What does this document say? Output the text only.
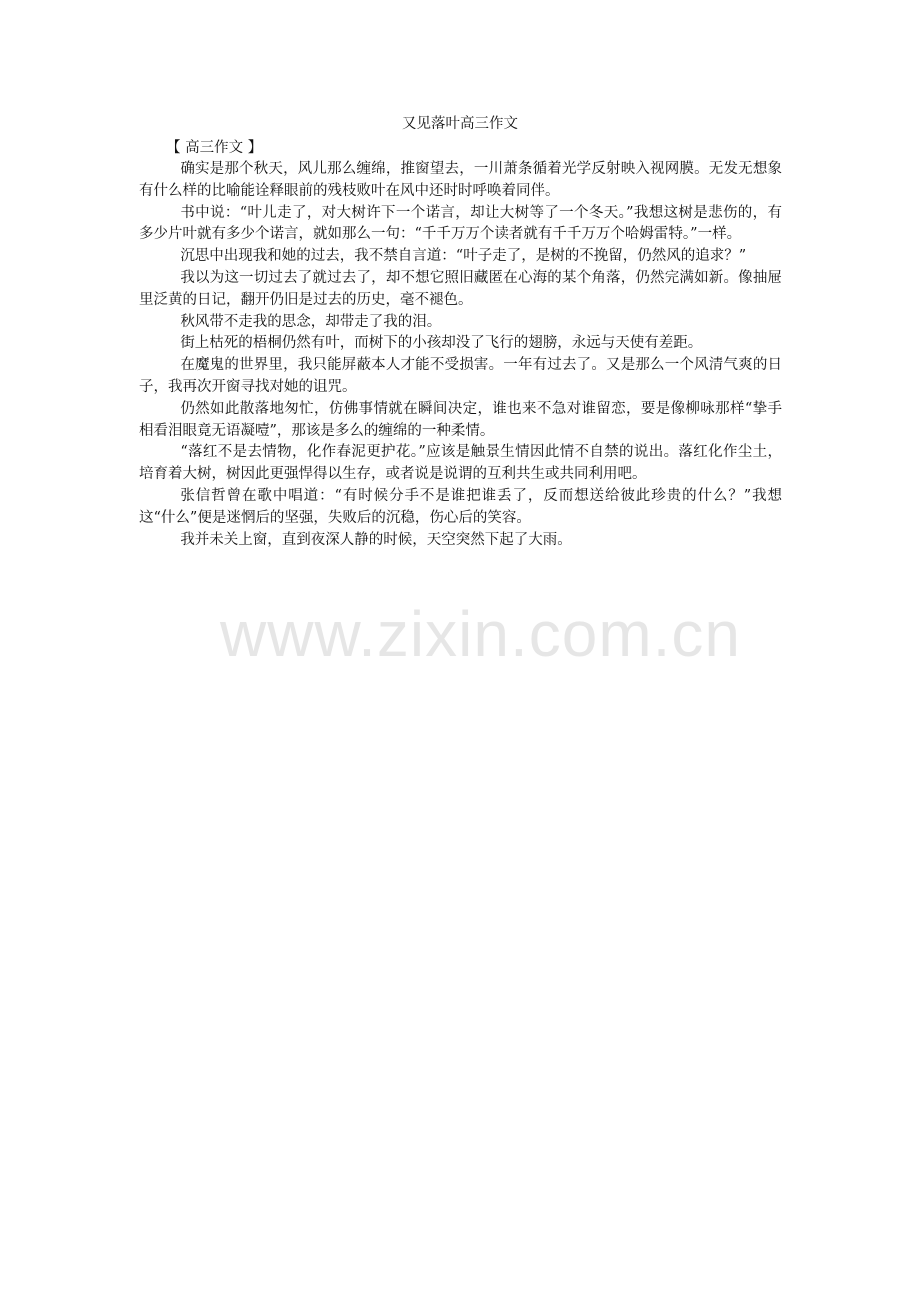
又见落叶高三作文
【 高三作文 】

确实是那个秋天，风儿那么缠绵，推窗望去，一川萧条循着光学反射映入视网膜。无发无想象有什么样的比喻能诠释眼前的残枝败叶在风中还时时呼唤着同伴。

书中说：“叶儿走了，对大树许下一个诺言，却让大树等了一个冬天。”我想这树是悲伤的，有多少片叶就有多少个诺言，就如那么一句：“千千万万个读者就有千千万万个哈姆雷特。”一样。

沉思中出现我和她的过去，我不禁自言道：“叶子走了，是树的不挽留，仍然风的追求？”

我以为这一切过去了就过去了，却不想它照旧藏匿在心海的某个角落，仍然完满如新。像抽屉里泛黄的日记，翻开仍旧是过去的历史，毫不褪色。

秋风带不走我的思念，却带走了我的泪。

街上枯死的梧桐仍然有叶，而树下的小孩却没了飞行的翅膀，永远与天使有差距。

在魔鬼的世界里，我只能屏蔽本人才能不受损害。一年有过去了。又是那么一个风清气爽的日子，我再次开窗寻找对她的诅咒。

仍然如此散落地匆忙，仿佛事情就在瞬间决定，谁也来不急对谁留恋，要是像柳咏那样“挚手相看泪眼竟无语凝噎”，那该是多么的缠绵的一种柔情。

“落红不是去情物，化作春泥更护花。”应该是触景生情因此情不自禁的说出。落红化作尘土，培育着大树，树因此更强悍得以生存，或者说是说谓的互利共生或共同利用吧。

张信哲曾在歌中唱道：“有时候分手不是谁把谁丢了，反而想送给彼此珍贵的什么？”我想这“什么”便是迷惘后的坚强，失败后的沉稳，伤心后的笑容。

我并未关上窗，直到夜深人静的时候，天空突然下起了大雨。

www.zixin.com.cn
